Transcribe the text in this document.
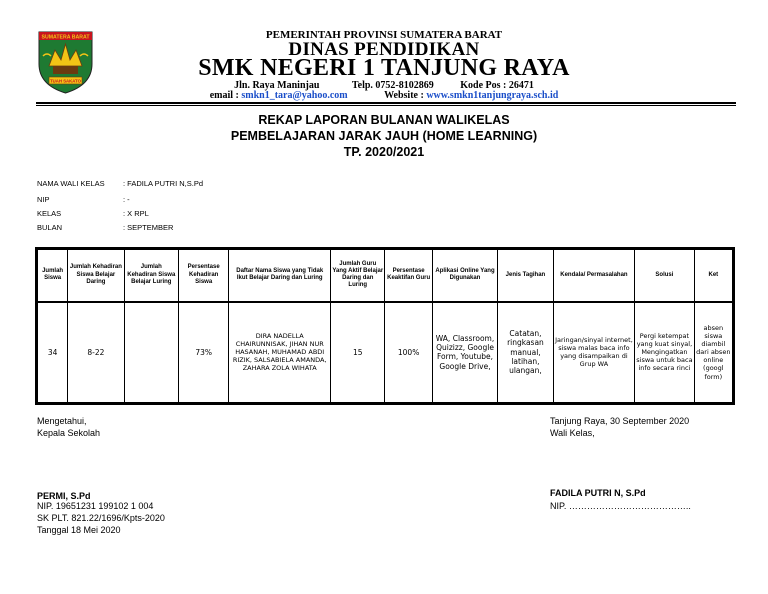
SUMATERA BARAT
TUAH SAKATO
PEMERINTAH PROVINSI SUMATERA BARAT
DINAS PENDIDIKAN
SMK NEGERI 1 TANJUNG RAYA
Jln. Raya Maninjau	Telp. 0752-8102869	Kode Pos : 26471
email : smkn1_tara@yahoo.com	Website : www.smkn1tanjungraya.sch.id
REKAP LAPORAN BULANAN WALIKELAS
PEMBELAJARAN JARAK JAUH (HOME LEARNING)
TP. 2020/2021
NAMA WALI KELAS : FADILA PUTRI N,S.Pd
NIP	: -
KELAS	: X RPL
BULAN	: SEPTEMBER
Jumlah Siswa	Jumlah Kehadiran Siswa Belajar Daring	Jumlah Kehadiran Siswa Belajar Luring	Persentase Kehadiran Siswa	Daftar Nama Siswa yang Tidak Ikut Belajar Daring dan Luring	Jumlah Guru Yang Aktif Belajar Daring dan Luring	Persentase Keaktifan Guru	Aplikasi Online Yang Digunakan	Jenis Tagihan	Kendala/ Permasalahan	Solusi	Ket
34	8-22		73%	DIRA NADELLA CHAIRUNNISAK, JIHAN NUR HASANAH, MUHAMAD ABDI RIZIK, SALSABIELA AMANDA, ZAHARA ZOLA WIHATA	15	100%	WA, Classroom, Quizizz, Google Form, Youtube, Google Drive,	Catatan, ringkasan manual, latihan, ulangan,	Jaringan/sinyal internet, siswa malas baca info yang disampaikan di Grup WA	Pergi ketempat yang kuat sinyal, Mengingatkan siswa untuk baca info secara rinci	absen siswa diambil dari absen online (googl form)
Mengetahui,
Kepala Sekolah
PERMI, S.Pd
NIP. 19651231 199102 1 004
SK PLT. 821.22/1696/Kpts-2020
Tanggal 18 Mei 2020
Tanjung Raya, 30 September 2020
Wali Kelas,
FADILA PUTRI N, S.Pd
NIP. …………………………………..
